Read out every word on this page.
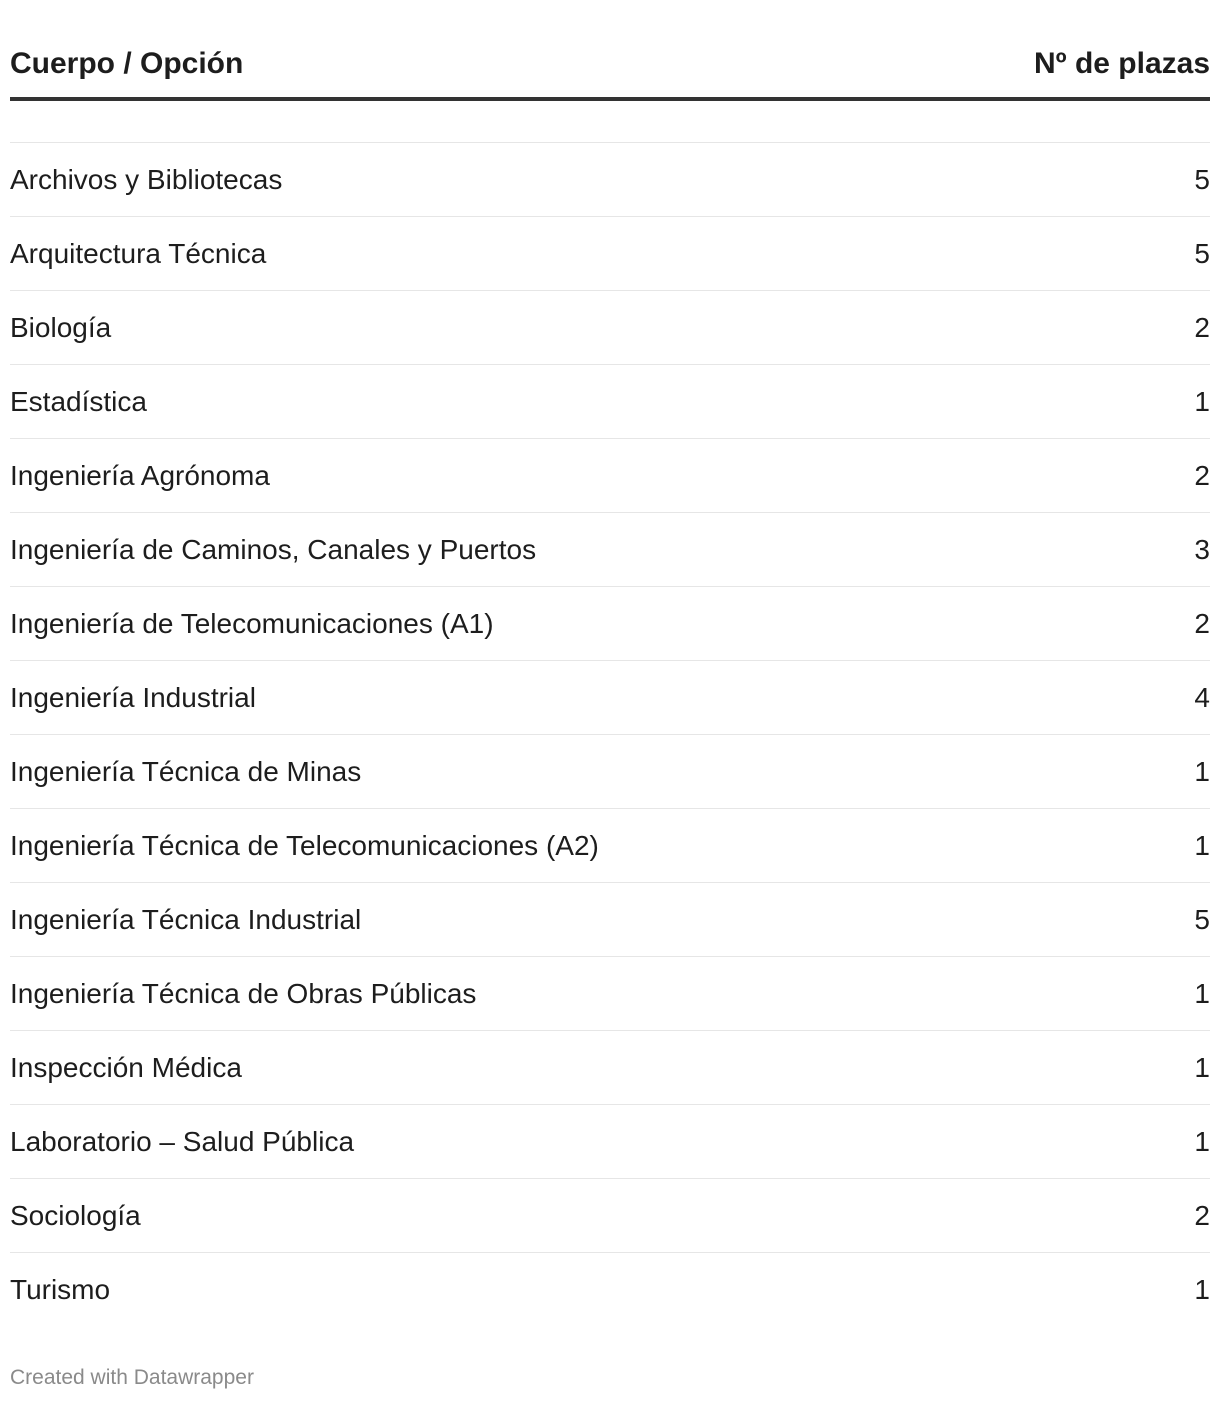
Cuerpo / Opción	Nº de plazas
Archivos y Bibliotecas	5
Arquitectura Técnica	5
Biología	2
Estadística	1
Ingeniería Agrónoma	2
Ingeniería de Caminos, Canales y Puertos	3
Ingeniería de Telecomunicaciones (A1)	2
Ingeniería Industrial	4
Ingeniería Técnica de Minas	1
Ingeniería Técnica de Telecomunicaciones (A2)	1
Ingeniería Técnica Industrial	5
Ingeniería Técnica de Obras Públicas	1
Inspección Médica	1
Laboratorio – Salud Pública	1
Sociología	2
Turismo	1
Created with Datawrapper
